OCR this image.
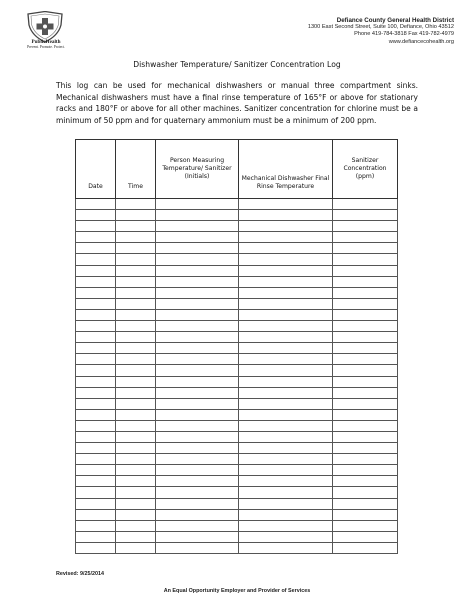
PublicHealth
Prevent. Promote. Protect.
Defiance County General Health District
1300 East Second Street, Suite 100, Defiance, Ohio 43512
Phone 419-784-3818 Fax 419-782-4979
www.defiancecohealth.org
Dishwasher Temperature/ Sanitizer Concentration Log
This log can be used for mechanical dishwashers or manual three compartment sinks. Mechanical dishwashers must have a final rinse temperature of 165°F or above for stationary racks and 180°F or above for all other machines. Sanitizer concentration for chlorine must be a minimum of 50 ppm and for quaternary ammonium must be a minimum of 200 ppm.
Date	Time	Person Measuring Temperature/ Sanitizer (Initials)	Mechanical Dishwasher Final Rinse Temperature	Sanitizer Concentration (ppm)

Revised: 9/25/2014
An Equal Opportunity Employer and Provider of Services
